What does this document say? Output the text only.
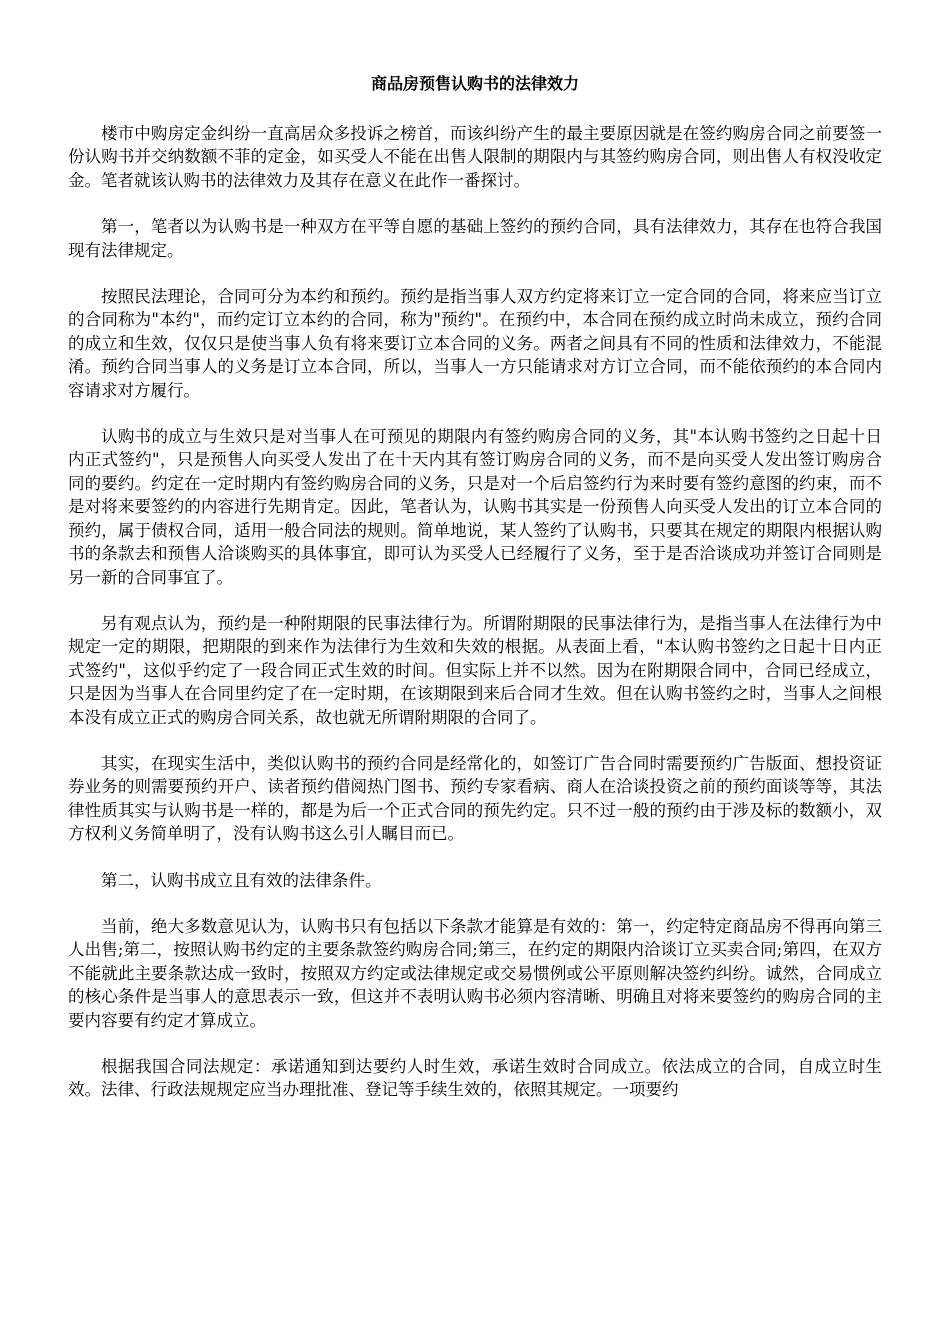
商品房预售认购书的法律效力

楼市中购房定金纠纷一直高居众多投诉之榜首，而该纠纷产生的最主要原因就是在签约购房合同之前要签一份认购书并交纳数额不菲的定金，如买受人不能在出售人限制的期限内与其签约购房合同，则出售人有权没收定金。笔者就该认购书的法律效力及其存在意义在此作一番探讨。

第一，笔者以为认购书是一种双方在平等自愿的基础上签约的预约合同，具有法律效力，其存在也符合我国现有法律规定。

按照民法理论，合同可分为本约和预约。预约是指当事人双方约定将来订立一定合同的合同，将来应当订立的合同称为"本约"，而约定订立本约的合同，称为"预约"。在预约中，本合同在预约成立时尚未成立，预约合同的成立和生效，仅仅只是使当事人负有将来要订立本合同的义务。两者之间具有不同的性质和法律效力，不能混淆。预约合同当事人的义务是订立本合同，所以，当事人一方只能请求对方订立合同，而不能依预约的本合同内容请求对方履行。

认购书的成立与生效只是对当事人在可预见的期限内有签约购房合同的义务，其"本认购书签约之日起十日内正式签约"，只是预售人向买受人发出了在十天内其有签订购房合同的义务，而不是向买受人发出签订购房合同的要约。约定在一定时期内有签约购房合同的义务，只是对一个后启签约行为来时要有签约意图的约束，而不是对将来要签约的内容进行先期肯定。因此，笔者认为，认购书其实是一份预售人向买受人发出的订立本合同的预约，属于债权合同，适用一般合同法的规则。简单地说，某人签约了认购书，只要其在规定的期限内根据认购书的条款去和预售人洽谈购买的具体事宜，即可认为买受人已经履行了义务，至于是否洽谈成功并签订合同则是另一新的合同事宜了。

另有观点认为，预约是一种附期限的民事法律行为。所谓附期限的民事法律行为，是指当事人在法律行为中规定一定的期限，把期限的到来作为法律行为生效和失效的根据。从表面上看，"本认购书签约之日起十日内正式签约"，这似乎约定了一段合同正式生效的时间。但实际上并不以然。因为在附期限合同中，合同已经成立，只是因为当事人在合同里约定了在一定时期，在该期限到来后合同才生效。但在认购书签约之时，当事人之间根本没有成立正式的购房合同关系，故也就无所谓附期限的合同了。

其实，在现实生活中，类似认购书的预约合同是经常化的，如签订广告合同时需要预约广告版面、想投资证券业务的则需要预约开户、读者预约借阅热门图书、预约专家看病、商人在洽谈投资之前的预约面谈等等，其法律性质其实与认购书是一样的，都是为后一个正式合同的预先约定。只不过一般的预约由于涉及标的数额小，双方权利义务简单明了，没有认购书这么引人瞩目而已。

第二，认购书成立且有效的法律条件。

当前，绝大多数意见认为，认购书只有包括以下条款才能算是有效的：第一，约定特定商品房不得再向第三人出售;第二，按照认购书约定的主要条款签约购房合同;第三，在约定的期限内洽谈订立买卖合同;第四，在双方不能就此主要条款达成一致时，按照双方约定或法律规定或交易惯例或公平原则解决签约纠纷。诚然，合同成立的核心条件是当事人的意思表示一致，但这并不表明认购书必须内容清晰、明确且对将来要签约的购房合同的主要内容要有约定才算成立。

根据我国合同法规定：承诺通知到达要约人时生效，承诺生效时合同成立。依法成立的合同，自成立时生效。法律、行政法规规定应当办理批准、登记等手续生效的，依照其规定。一项要约
